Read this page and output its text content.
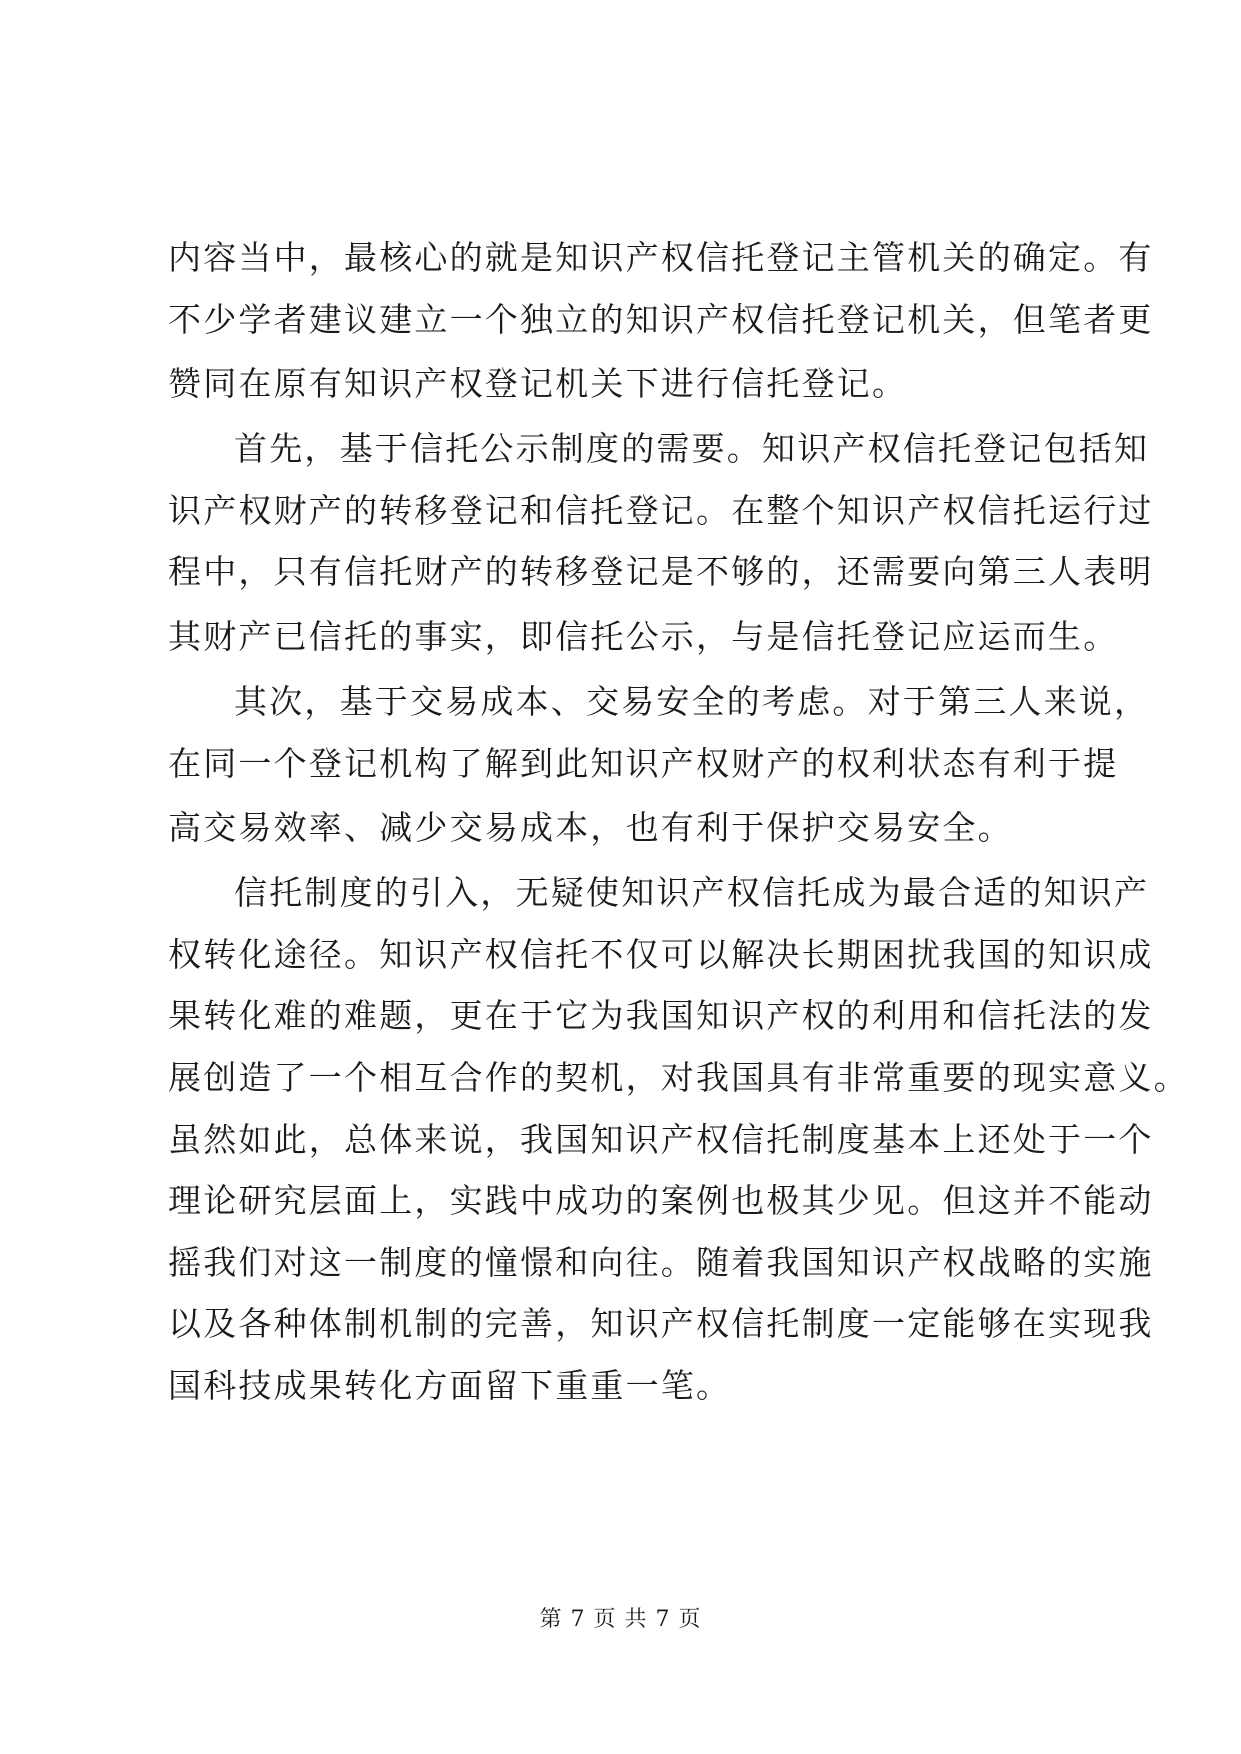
内容当中，最核心的就是知识产权信托登记主管机关的确定。有
不少学者建议建立一个独立的知识产权信托登记机关，但笔者更
赞同在原有知识产权登记机关下进行信托登记。
首先，基于信托公示制度的需要。知识产权信托登记包括知
识产权财产的转移登记和信托登记。在整个知识产权信托运行过
程中，只有信托财产的转移登记是不够的，还需要向第三人表明
其财产已信托的事实，即信托公示，与是信托登记应运而生。
其次，基于交易成本、交易安全的考虑。对于第三人来说，
在同一个登记机构了解到此知识产权财产的权利状态有利于提
高交易效率、减少交易成本，也有利于保护交易安全。
信托制度的引入，无疑使知识产权信托成为最合适的知识产
权转化途径。知识产权信托不仅可以解决长期困扰我国的知识成
果转化难的难题，更在于它为我国知识产权的利用和信托法的发
展创造了一个相互合作的契机，对我国具有非常重要的现实意义。
虽然如此，总体来说，我国知识产权信托制度基本上还处于一个
理论研究层面上，实践中成功的案例也极其少见。但这并不能动
摇我们对这一制度的憧憬和向往。随着我国知识产权战略的实施
以及各种体制机制的完善，知识产权信托制度一定能够在实现我
国科技成果转化方面留下重重一笔。
第 7 页 共 7 页
